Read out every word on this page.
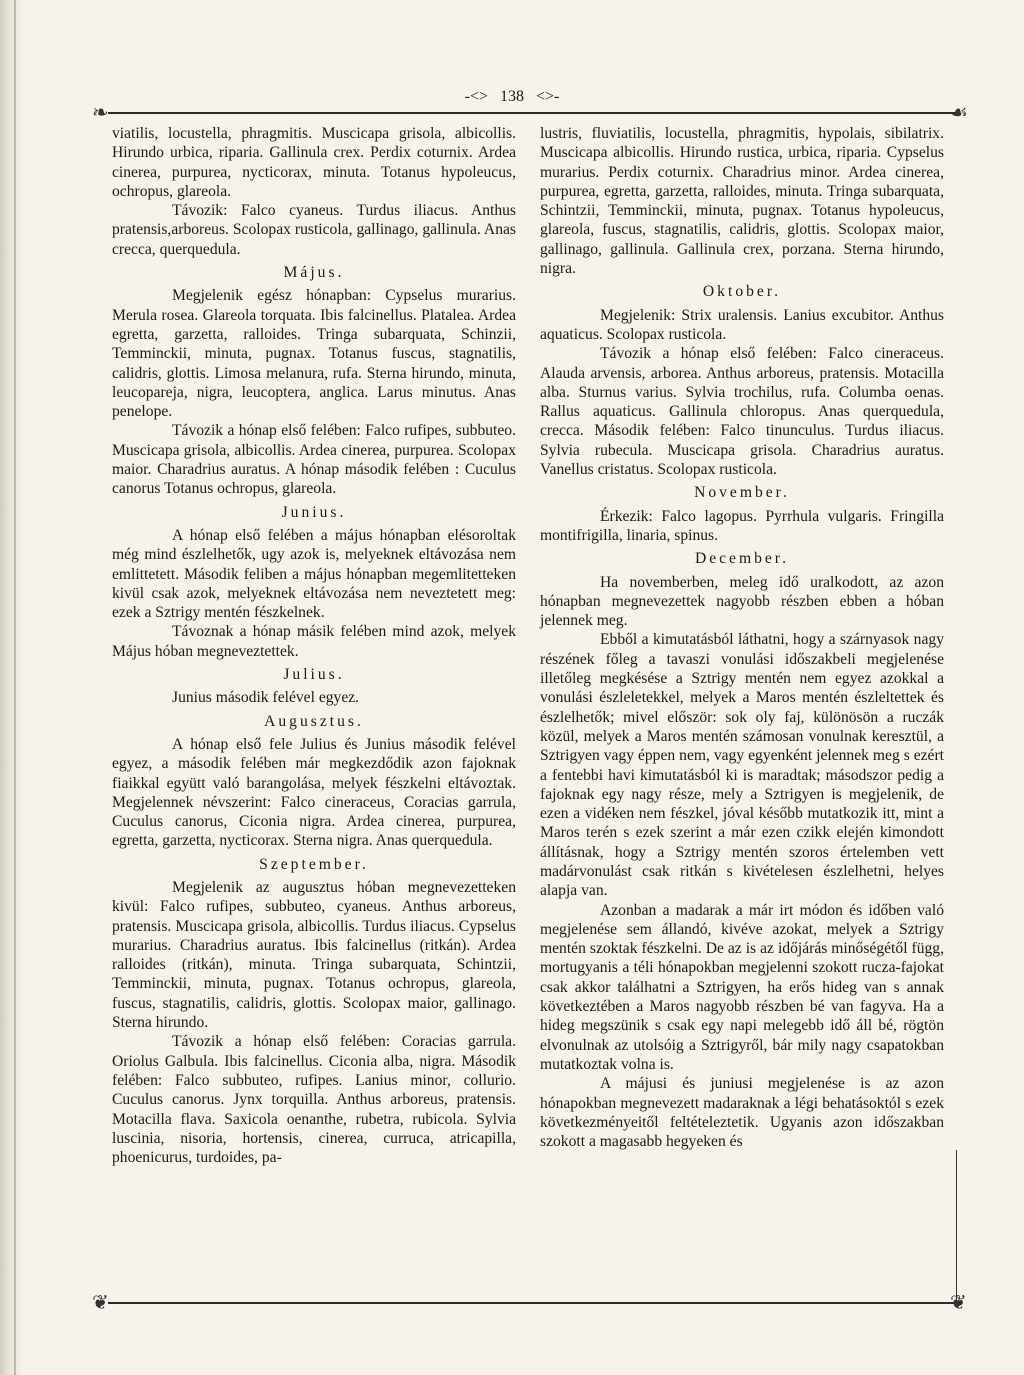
-<> 138 <>-
❧	☙

viatilis, locustella, phragmitis. Muscicapa grisola, albicollis. Hirundo urbica, riparia. Gallinula crex. Perdix coturnix. Ardea cinerea, purpurea, nycticorax, minuta. Totanus hypoleucus, ochropus, glareola.

Távozik: Falco cyaneus. Turdus iliacus. Anthus pratensis,arboreus. Scolopax rusticola, gallinago, gallinula. Anas crecca, querquedula.

Május.

Megjelenik egész hónapban: Cypselus murarius. Merula rosea. Glareola torquata. Ibis falcinellus. Platalea. Ardea egretta, garzetta, ralloides. Tringa subarquata, Schinzii, Temminckii, minuta, pugnax. Totanus fuscus, stagnatilis, calidris, glottis. Limosa melanura, rufa. Sterna hirundo, minuta, leucopareja, nigra, leucoptera, anglica. Larus minutus. Anas penelope.

Távozik a hónap első felében: Falco rufipes, subbuteo. Muscicapa grisola, albicollis. Ardea cinerea, purpurea. Scolopax maior. Charadrius auratus. A hónap második felében : Cuculus canorus Totanus ochropus, glareola.

Junius.

A hónap első felében a május hónapban elésoroltak még mind észlelhetők, ugy azok is, melyeknek eltávozása nem emlittetett. Második feliben a május hónapban megemlitetteken kivül csak azok, melyeknek eltávozása nem neveztetett meg: ezek a Sztrigy mentén fészkelnek.

Távoznak a hónap másik felében mind azok, melyek Május hóban megneveztettek.

Julius.

Junius második felével egyez.

Augusztus.

A hónap első fele Julius és Junius második felével egyez, a második felében már megkezdődik azon fajoknak fiaikkal együtt való barangolása, melyek fészkelni eltávoztak. Megjelennek névszerint: Falco cineraceus, Coracias garrula, Cuculus canorus, Ciconia nigra. Ardea cinerea, purpurea, egretta, garzetta, nycticorax. Sterna nigra. Anas querquedula.

Szeptember.

Megjelenik az augusztus hóban megnevezetteken kivül: Falco rufipes, subbuteo, cyaneus. Anthus arboreus, pratensis. Muscicapa grisola, albicollis. Turdus iliacus. Cypselus murarius. Charadrius auratus. Ibis falcinellus (ritkán). Ardea ralloides (ritkán), minuta. Tringa subarquata, Schintzii, Temminckii, minuta, pugnax. Totanus ochropus, glareola, fuscus, stagnatilis, calidris, glottis. Scolopax maior, gallinago. Sterna hirundo.

Távozik a hónap első felében: Coracias garrula. Oriolus Galbula. Ibis falcinellus. Ciconia alba, nigra. Második felében: Falco subbuteo, rufipes. Lanius minor, collurio. Cuculus canorus. Jynx torquilla. Anthus arboreus, pratensis. Motacilla flava. Saxicola oenanthe, rubetra, rubicola. Sylvia luscinia, nisoria, hortensis, cinerea, curruca, atricapilla, phoenicurus, turdoides, pa-

lustris, fluviatilis, locustella, phragmitis, hypolais, sibilatrix. Muscicapa albicollis. Hirundo rustica, urbica, riparia. Cypselus murarius. Perdix coturnix. Charadrius minor. Ardea cinerea, purpurea, egretta, garzetta, ralloides, minuta. Tringa subarquata, Schintzii, Temminckii, minuta, pugnax. Totanus hypoleucus, glareola, fuscus, stagnatilis, calidris, glottis. Scolopax maior, gallinago, gallinula. Gallinula crex, porzana. Sterna hirundo, nigra.

Oktober.

Megjelenik: Strix uralensis. Lanius excubitor. Anthus aquaticus. Scolopax rusticola.

Távozik a hónap első felében: Falco cineraceus. Alauda arvensis, arborea. Anthus arboreus, pratensis. Motacilla alba. Sturnus varius. Sylvia trochilus, rufa. Columba oenas. Rallus aquaticus. Gallinula chloropus. Anas querquedula, crecca. Második felében: Falco tinunculus. Turdus iliacus. Sylvia rubecula. Muscicapa grisola. Charadrius auratus. Vanellus cristatus. Scolopax rusticola.

November.

Érkezik: Falco lagopus. Pyrrhula vulgaris. Fringilla montifrigilla, linaria, spinus.

December.

Ha novemberben, meleg idő uralkodott, az azon hónapban megnevezettek nagyobb részben ebben a hóban jelennek meg.

Ebből a kimutatásból láthatni, hogy a szárnyasok nagy részének főleg a tavaszi vonulási időszakbeli megjelenése illetőleg megkésése a Sztrigy mentén nem egyez azokkal a vonulási észleletekkel, melyek a Maros mentén észleltettek és észlelhetők; mivel először: sok oly faj, különösön a ruczák közül, melyek a Maros mentén számosan vonulnak keresztül, a Sztrigyen vagy éppen nem, vagy egyenként jelennek meg s ezért a fentebbi havi kimutatásból ki is maradtak; másodszor pedig a fajoknak egy nagy része, mely a Sztrigyen is megjelenik, de ezen a vidéken nem fészkel, jóval később mutatkozik itt, mint a Maros terén s ezek szerint a már ezen czikk elején kimondott állításnak, hogy a Sztrigy mentén szoros értelemben vett madárvonulást csak ritkán s kivételesen észlelhetni, helyes alapja van.

Azonban a madarak a már irt módon és időben való megjelenése sem állandó, kivéve azokat, melyek a Sztrigy mentén szoktak fészkelni. De az is az időjárás minőségétől függ, mortugyanis a téli hónapokban megjelenni szokott rucza-fajokat csak akkor találhatni a Sztrigyen, ha erős hideg van s annak következtében a Maros nagyobb részben bé van fagyva. Ha a hideg megszünik s csak egy napi melegebb idő áll bé, rögtön elvonulnak az utolsóig a Sztrigyről, bár mily nagy csapatokban mutatkoztak volna is.

A májusi és juniusi megjelenése is az azon hónapokban megnevezett madaraknak a légi behatásoktól s ezek következményeitől feltételeztetik. Ugyanis azon időszakban szokott a magasabb hegyeken és

❦	❦
